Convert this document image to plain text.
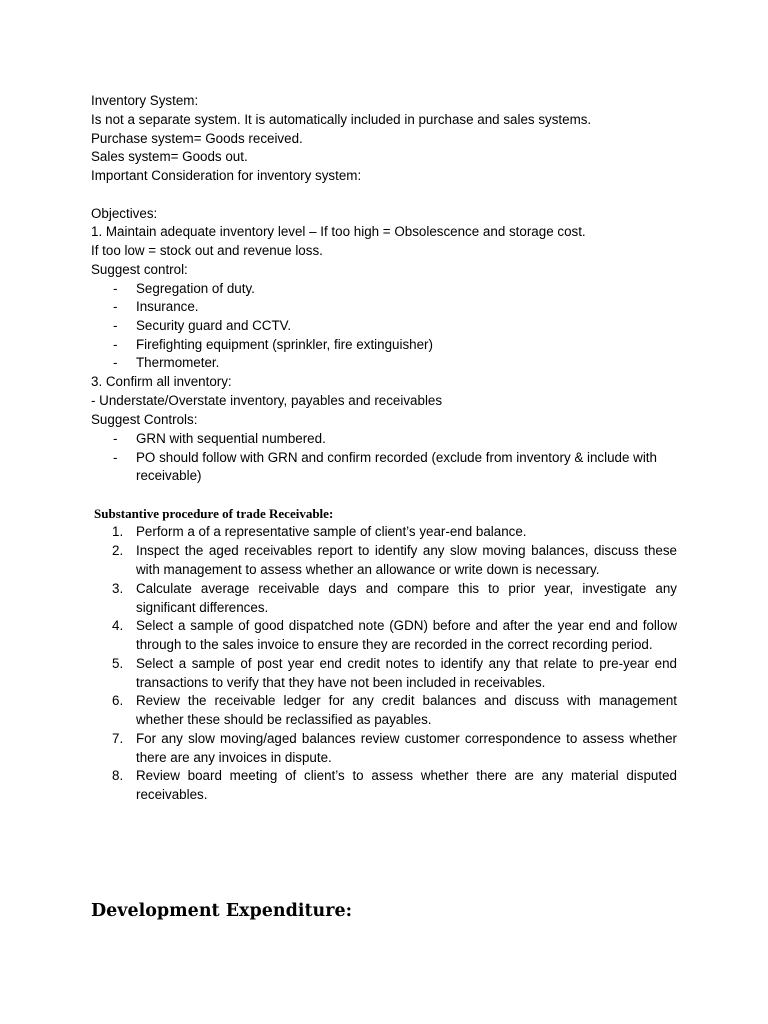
Inventory System:
Is not a separate system. It is automatically included in purchase and sales systems.
Purchase system= Goods received.
Sales system= Goods out.
Important Consideration for inventory system:
Objectives:
1. Maintain adequate inventory level – If too high = Obsolescence and storage cost.
If too low = stock out and revenue loss.
Suggest control:
- Segregation of duty.
- Insurance.
- Security guard and CCTV.
- Firefighting equipment (sprinkler, fire extinguisher)
- Thermometer.
3. Confirm all inventory:
- Understate/Overstate inventory, payables and receivables
Suggest Controls:
- GRN with sequential numbered.
- PO should follow with GRN and confirm recorded (exclude from inventory & include with
receivable)
Substantive procedure of trade Receivable:
1. Perform a of a representative sample of client’s year-end balance.
2. Inspect the aged receivables report to identify any slow moving balances, discuss these with management to assess whether an allowance or write down is necessary.
3. Calculate average receivable days and compare this to prior year, investigate any significant differences.
4. Select a sample of good dispatched note (GDN) before and after the year end and follow through to the sales invoice to ensure they are recorded in the correct recording period.
5. Select a sample of post year end credit notes to identify any that relate to pre-year end transactions to verify that they have not been included in receivables.
6. Review the receivable ledger for any credit balances and discuss with management whether these should be reclassified as payables.
7. For any slow moving/aged balances review customer correspondence to assess whether there are any invoices in dispute.
8. Review board meeting of client’s to assess whether there are any material disputed receivables.
Development Expenditure:
